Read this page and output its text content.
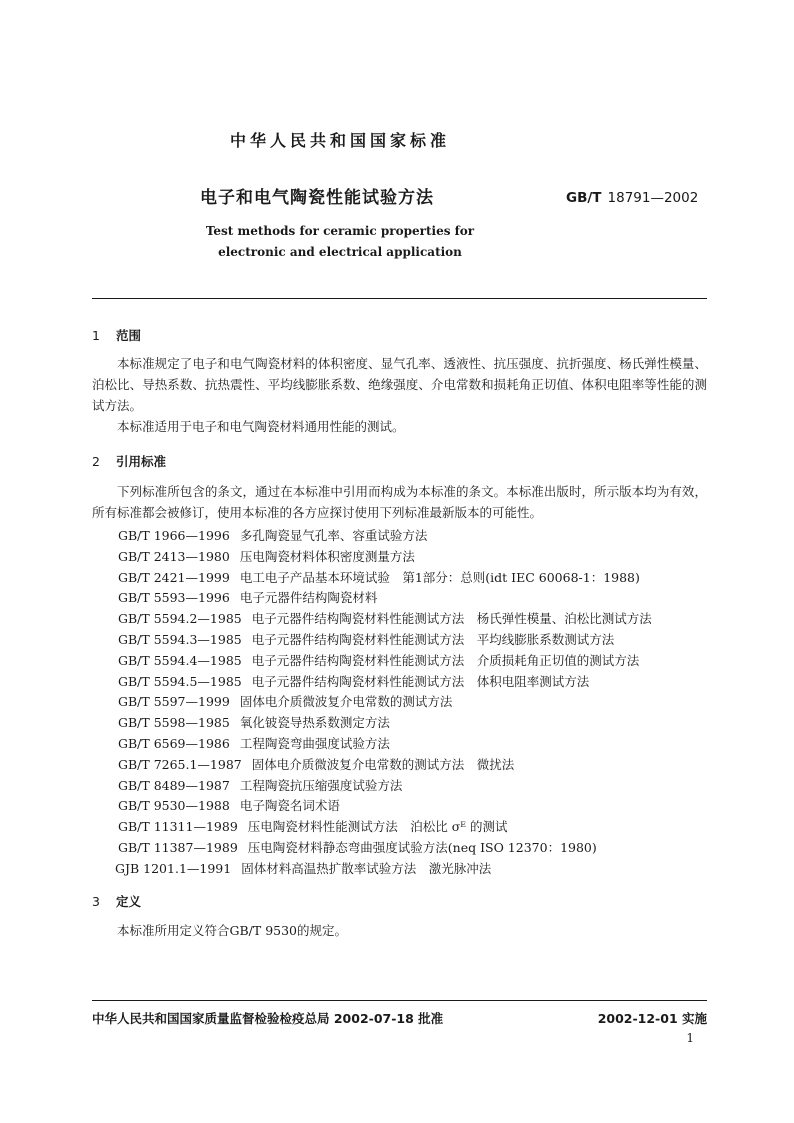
中华人民共和国国家标准
电子和电气陶瓷性能试验方法	GB/T 18791—2002
Test methods for ceramic properties for
electronic and electrical application
1 范围

本标准规定了电子和电气陶瓷材料的体积密度、显气孔率、透液性、抗压强度、抗折强度、杨氏弹性模量、泊松比、导热系数、抗热震性、平均线膨胀系数、绝缘强度、介电常数和损耗角正切值、体积电阻率等性能的测试方法。

本标准适用于电子和电气陶瓷材料通用性能的测试。

2 引用标准

下列标准所包含的条文，通过在本标准中引用而构成为本标准的条文。本标准出版时，所示版本均为有效，所有标准都会被修订，使用本标准的各方应探讨使用下列标准最新版本的可能性。

GB/T 1966—1996 多孔陶瓷显气孔率、容重试验方法
GB/T 2413—1980 压电陶瓷材料体积密度测量方法
GB/T 2421—1999 电工电子产品基本环境试验　第1部分：总则(idt IEC 60068-1：1988)
GB/T 5593—1996 电子元器件结构陶瓷材料
GB/T 5594.2—1985 电子元器件结构陶瓷材料性能测试方法　杨氏弹性模量、泊松比测试方法
GB/T 5594.3—1985 电子元器件结构陶瓷材料性能测试方法　平均线膨胀系数测试方法
GB/T 5594.4—1985 电子元器件结构陶瓷材料性能测试方法　介质损耗角正切值的测试方法
GB/T 5594.5—1985 电子元器件结构陶瓷材料性能测试方法　体积电阻率测试方法
GB/T 5597—1999 固体电介质微波复介电常数的测试方法
GB/T 5598—1985 氧化铍瓷导热系数测定方法
GB/T 6569—1986 工程陶瓷弯曲强度试验方法
GB/T 7265.1—1987 固体电介质微波复介电常数的测试方法　微扰法
GB/T 8489—1987 工程陶瓷抗压缩强度试验方法
GB/T 9530—1988 电子陶瓷名词术语
GB/T 11311—1989 压电陶瓷材料性能测试方法　泊松比 σᴱ 的测试
GB/T 11387—1989 压电陶瓷材料静态弯曲强度试验方法(neq ISO 12370：1980)
GJB 1201.1—1991 固体材料高温热扩散率试验方法　激光脉冲法
3 定义

本标准所用定义符合GB/T 9530的规定。

中华人民共和国国家质量监督检验检疫总局 2002-07-18 批准	2002-12-01 实施
1
